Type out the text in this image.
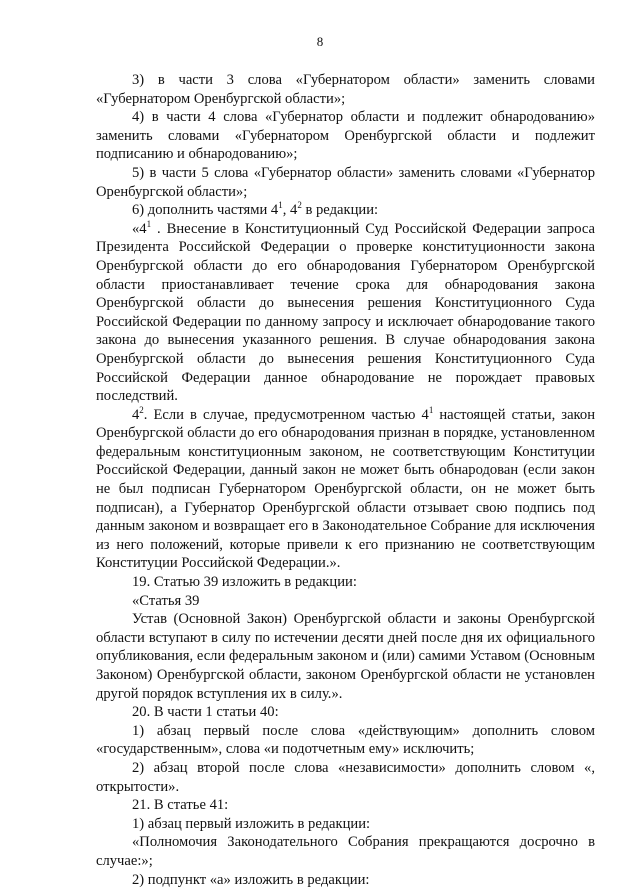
8

3) в части 3 слова «Губернатором области» заменить словами «Губернатором Оренбургской области»;

4) в части 4 слова «Губернатор области и подлежит обнародованию» заменить словами «Губернатором Оренбургской области и подлежит подписанию и обнародованию»;

5) в части 5 слова «Губернатор области» заменить словами «Губернатор Оренбургской области»;

6) дополнить частями $4^1$, $4^2$ в редакции:

«$4^1$ . Внесение в Конституционный Суд Российской Федерации запроса Президента Российской Федерации о проверке конституционности закона Оренбургской области до его обнародования Губернатором Оренбургской области приостанавливает течение срока для обнародования закона Оренбургской области до вынесения решения Конституционного Суда Российской Федерации по данному запросу и исключает обнародование такого закона до вынесения указанного решения. В случае обнародования закона Оренбургской области до вынесения решения Конституционного Суда Российской Федерации данное обнародование не порождает правовых последствий.

$4^2$. Если в случае, предусмотренном частью $4^1$ настоящей статьи, закон Оренбургской области до его обнародования признан в порядке, установленном федеральным конституционным законом, не соответствующим Конституции Российской Федерации, данный закон не может быть обнародован (если закон не был подписан Губернатором Оренбургской области, он не может быть подписан), а Губернатор Оренбургской области отзывает свою подпись под данным законом и возвращает его в Законодательное Собрание для исключения из него положений, которые привели к его признанию не соответствующим Конституции Российской Федерации.».

19. Статью 39 изложить в редакции:

«Статья 39

Устав (Основной Закон) Оренбургской области и законы Оренбургской области вступают в силу по истечении десяти дней после дня их официального опубликования, если федеральным законом и (или) самими Уставом (Основным Законом) Оренбургской области, законом Оренбургской области не установлен другой порядок вступления их в силу.».

20. В части 1 статьи 40:

1) абзац первый после слова «действующим» дополнить словом «государственным», слова «и подотчетным ему» исключить;

2) абзац второй после слова «независимости» дополнить словом «, открытости».

21. В статье 41:

1) абзац первый изложить в редакции:

«Полномочия Законодательного Собрания прекращаются досрочно в случае:»;

2) подпункт «а» изложить в редакции:
